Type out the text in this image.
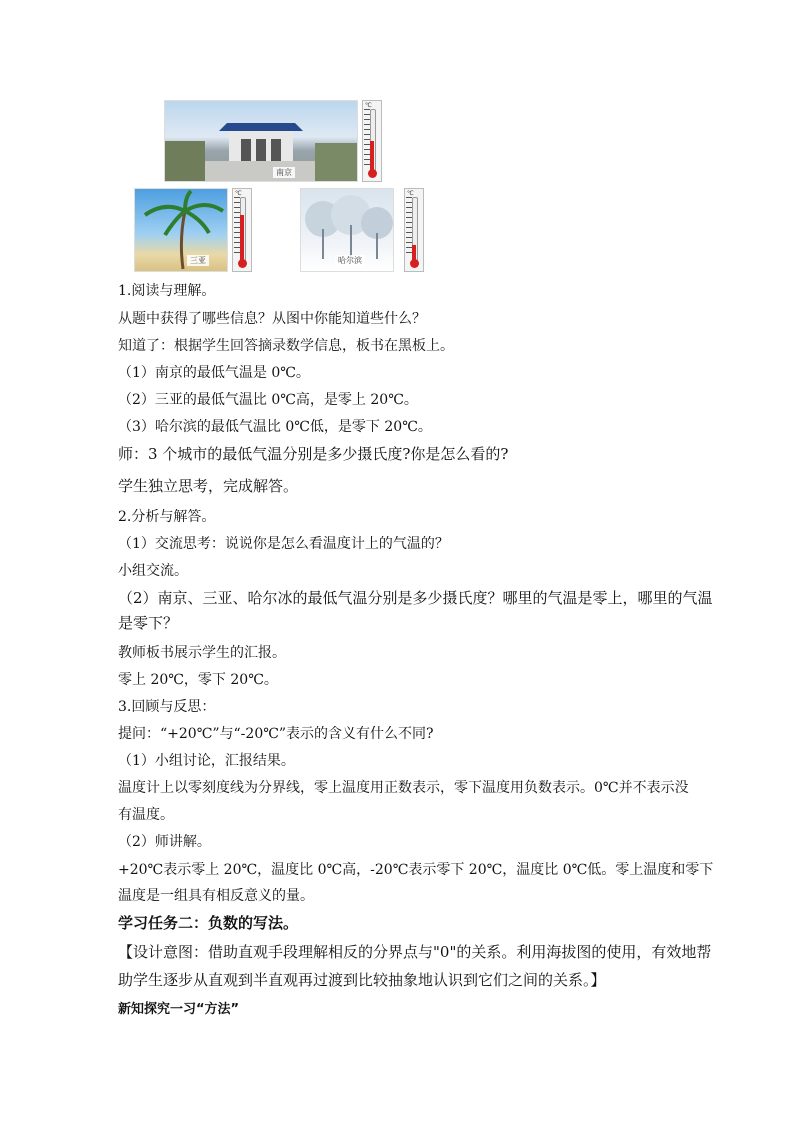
南京
℃
三亚
℃
哈尔滨
℃
1.阅读与理解。
从题中获得了哪些信息？从图中你能知道些什么？
知道了：根据学生回答摘录数学信息，板书在黑板上。
（1）南京的最低气温是 0℃。
（2）三亚的最低气温比 0℃高，是零上 20℃。
（3）哈尔滨的最低气温比 0℃低，是零下 20℃。
师：3 个城市的最低气温分别是多少摄氏度?你是怎么看的?
学生独立思考，完成解答。
2.分析与解答。
（1）交流思考：说说你是怎么看温度计上的气温的？
小组交流。
（2）南京、三亚、哈尔冰的最低气温分别是多少摄氏度？哪里的气温是零上，哪里的气温
是零下？
教师板书展示学生的汇报。
零上 20℃，零下 20℃。
3.回顾与反思：
提问：“+20℃”与“-20℃”表示的含义有什么不同?
（1）小组讨论，汇报结果。
温度计上以零刻度线为分界线，零上温度用正数表示，零下温度用负数表示。0℃并不表示没
有温度。
（2）师讲解。
+20℃表示零上 20℃，温度比 0℃高，-20℃表示零下 20℃，温度比 0℃低。零上温度和零下
温度是一组具有相反意义的量。
学习任务二：负数的写法。
【设计意图：借助直观手段理解相反的分界点与"0"的关系。利用海拔图的使用，有效地帮
助学生逐步从直观到半直观再过渡到比较抽象地认识到它们之间的关系。】
新知探究一习“方法”
